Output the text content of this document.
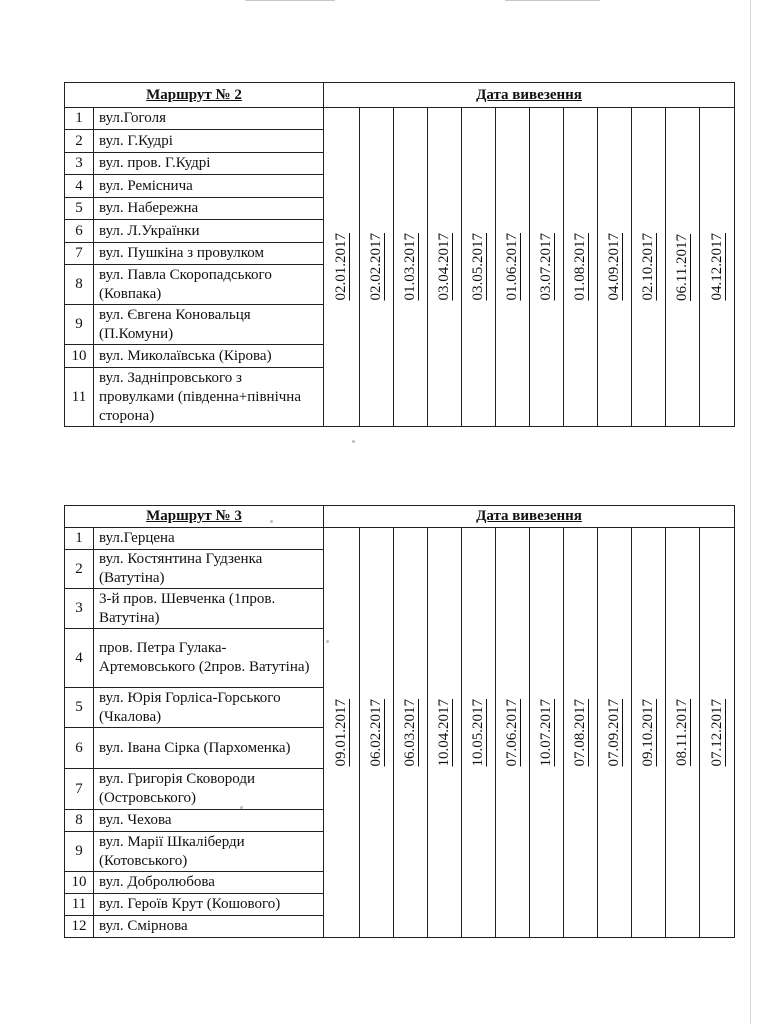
Маршрут № 2		Дата вивезення											
1	вул.Гоголя	02.01.2017	02.02.2017	01.03.2017	03.04.2017	03.05.2017	01.06.2017	03.07.2017	01.08.2017	04.09.2017	02.10.2017	06.11.2017	04.12.2017

2	вул. Г.Кудрі												
3	вул. пров. Г.Кудрі												
4	вул. Реміснича												
5	вул. Набережна												
6	вул. Л.Українки												
7	вул. Пушкіна з провулком												
8	вул. Павла Скоропадського (Ковпака)												
9	вул. Євгена Коновальця (П.Комуни)												
10	вул. Миколаївська (Кірова)												
11	вул. Задніпровського з провулками (південна+північна сторона)												
Маршрут № 3		Дата вивезення											
1	вул.Герцена	09.01.2017	06.02.2017	06.03.2017	10.04.2017	10.05.2017	07.06.2017	10.07.2017	07.08.2017	07.09.2017	09.10.2017	08.11.2017	07.12.2017

2	вул. Костянтина Гудзенка (Ватутіна)												
3	3-й пров. Шевченка (1пров. Ватутіна)												
4	пров. Петра Гулака-Артемовського (2пров. Ватутіна)												
5	вул. Юрія Горліса-Горського (Чкалова)												
6	вул. Івана Сірка (Пархоменка)												
7	вул. Григорія Сковороди (Островського)												
8	вул. Чехова												
9	вул. Марії Шкаліберди (Котовського)												
10	вул. Добролюбова												
11	вул. Героїв Крут (Кошового)												
12	вул. Смірнова												
